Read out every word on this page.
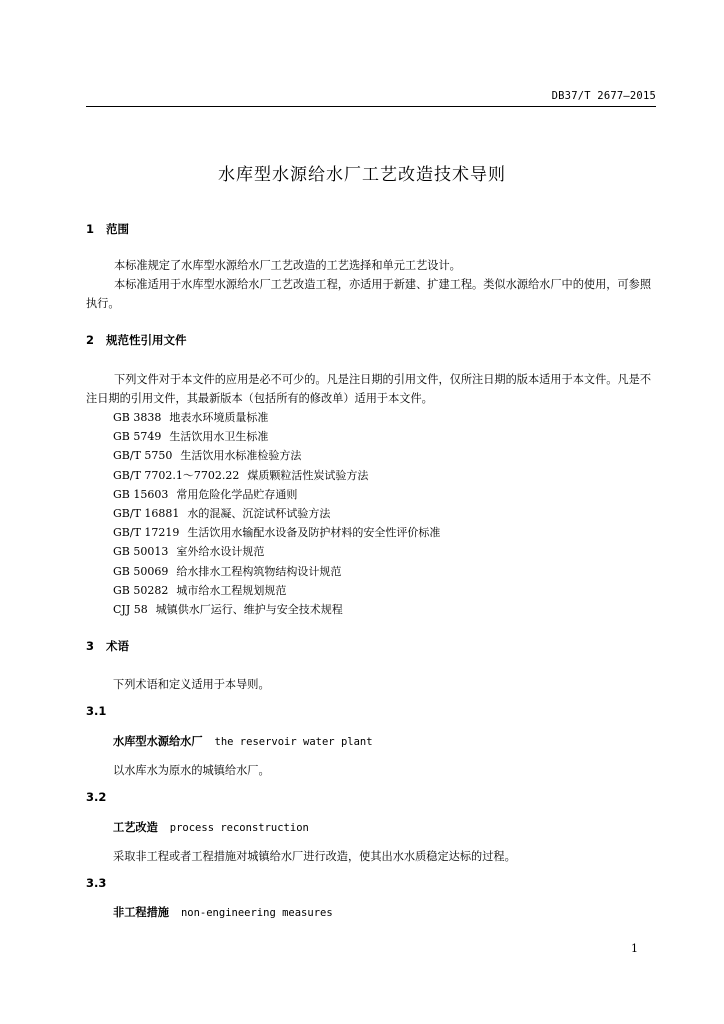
DB37/T 2677—2015
水库型水源给水厂工艺改造技术导则
1 范围
本标准规定了水库型水源给水厂工艺改造的工艺选择和单元工艺设计。
本标准适用于水库型水源给水厂工艺改造工程，亦适用于新建、扩建工程。类似水源给水厂中的使用，可参照执行。
2 规范性引用文件
下列文件对于本文件的应用是必不可少的。凡是注日期的引用文件，仅所注日期的版本适用于本文件。凡是不注日期的引用文件，其最新版本（包括所有的修改单）适用于本文件。
GB 3838 地表水环境质量标准
GB 5749 生活饮用水卫生标准
GB/T 5750 生活饮用水标准检验方法
GB/T 7702.1～7702.22 煤质颗粒活性炭试验方法
GB 15603 常用危险化学品贮存通则
GB/T 16881 水的混凝、沉淀试杯试验方法
GB/T 17219 生活饮用水输配水设备及防护材料的安全性评价标准
GB 50013 室外给水设计规范
GB 50069 给水排水工程构筑物结构设计规范
GB 50282 城市给水工程规划规范
CJJ 58 城镇供水厂运行、维护与安全技术规程
3 术语
下列术语和定义适用于本导则。
3.1
水库型水源给水厂 the reservoir water plant
以水库水为原水的城镇给水厂。
3.2
工艺改造 process reconstruction
采取非工程或者工程措施对城镇给水厂进行改造，使其出水水质稳定达标的过程。
3.3
非工程措施 non-engineering measures
1
